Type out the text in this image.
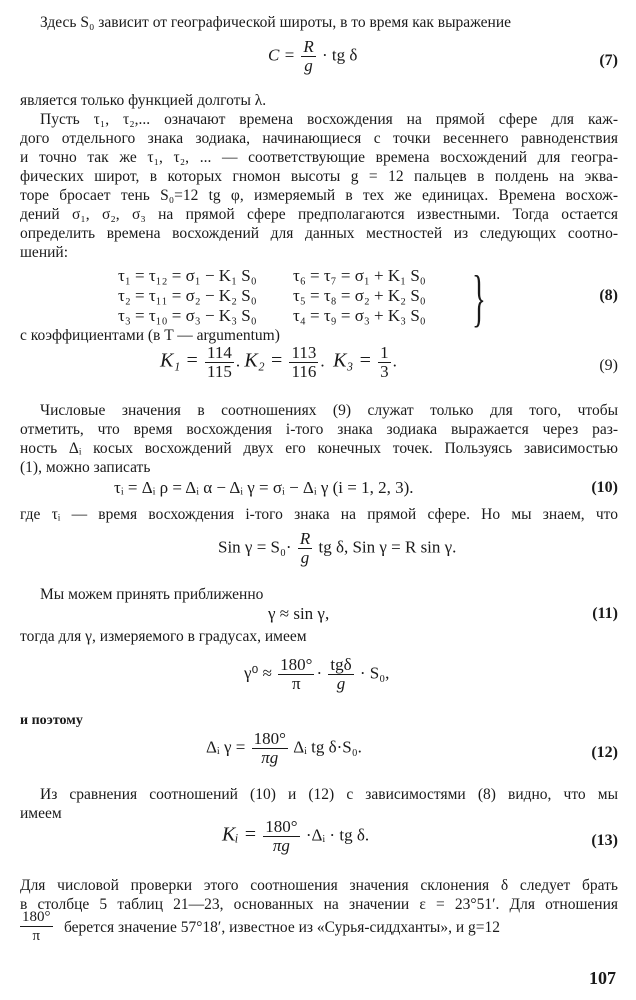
Здесь S₀ зависит от географической широты, в то время как выражение
$C = \frac{R}{g}$ · tg δ	(7)
является только функцией долготы λ.
Пусть τ₁, τ₂,... означают времена восхождения на прямой сфере для каж-
дого отдельного знака зодиака, начинающиеся с точки весеннего равноденствия
и точно так же τ₁, τ₂, ... — соответствующие времена восхождений для геогра-
фических широт, в которых гномон высоты g = 12 пальцев в полдень на эква-
торе бросает тень S₀=12 tg φ, измеряемый в тех же единицах. Времена восхож-
дений σ₁, σ₂, σ₃ на прямой сфере предполагаются известными. Тогда остается
определить времена восхождений для данных местностей из следующих соотно-
шений:
τ₁ = τ₁₂ = σ₁ − K₁ S₀ τ₆ = τ₇ = σ₁ + K₁ S₀
τ₂ = τ₁₁ = σ₂ − K₂ S₀ τ₅ = τ₈ = σ₂ + K₂ S₀
τ₃ = τ₁₀ = σ₃ − K₃ S₀ τ₄ = τ₉ = σ₃ + K₃ S₀ }	(8)
с коэффициентами (в T — argumentum)
$K_1 = \frac{114}{115}$ . $K_2 = \frac{113}{116}$ .  $K_3 = \frac{1}{3}$ .	(9)
Числовые значения в соотношениях (9) служат только для того, чтобы
отметить, что время восхождения i-того знака зодиака выражается через раз-
ность Δᵢ косых восхождений двух его конечных точек. Пользуясь зависимостью
(1), можно записать
τᵢ = Δᵢ ρ = Δᵢ α − Δᵢ γ = σᵢ − Δᵢ γ (i = 1, 2, 3).	(10)
где τᵢ — время восхождения i-того знака на прямой сфере. Но мы знаем, что
Sin $\gamma = S_0\cdot \frac{R}{g}$ tg δ, Sin γ = R sin γ.
Мы можем принять приближенно
γ ≈ sin γ,	(11)
тогда для γ, измеряемого в градусах, имеем
$\gamma^0 \approx \frac{180^\circ}{\pi} \cdot \frac{\text{tgδ}}{g} \cdot S_0$,
и поэтому
Δᵢ $\gamma = \frac{180^\circ}{\pi g}$ Δᵢ tg δ·S₀.	(12)
Из сравнения соотношений (10) и (12) с зависимостями (8) видно, что мы
имеем
Kᵢ = $\frac{180^\circ}{\pi g}$ ·Δᵢ · tg δ.	(13)
Для числовой проверки этого соотношения значения склонения δ следует брать
в столбце 5 таблиц 21—23, основанных на значении ε = 23°51′. Для отношения
$\frac{180^\circ}{\pi}$ берется значение 57°18′, известное из «Сурья-сиддханты», и g=12
107
